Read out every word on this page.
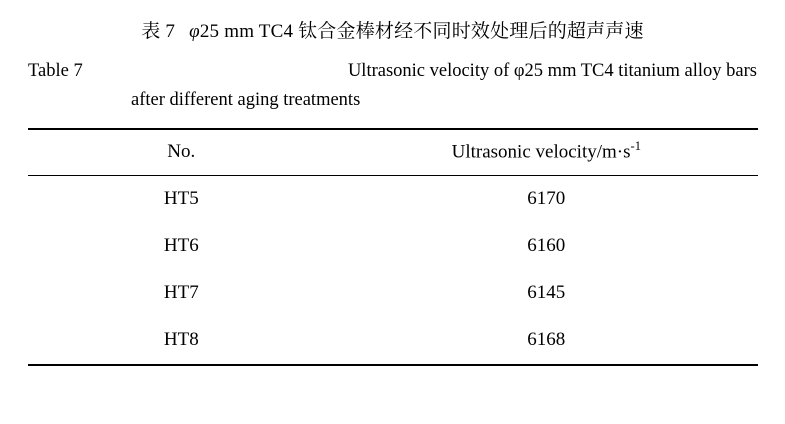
表 7 φ25 mm TC4 钛合金棒材经不同时效处理后的超声声速
Table 7	Ultrasonic velocity of φ25 mm TC4 titanium alloy bars
after different aging treatments
No.	Ultrasonic velocity/$m\cdot s^{-1}$
HT5	6170
HT6	6160
HT7	6145
HT8	6168
